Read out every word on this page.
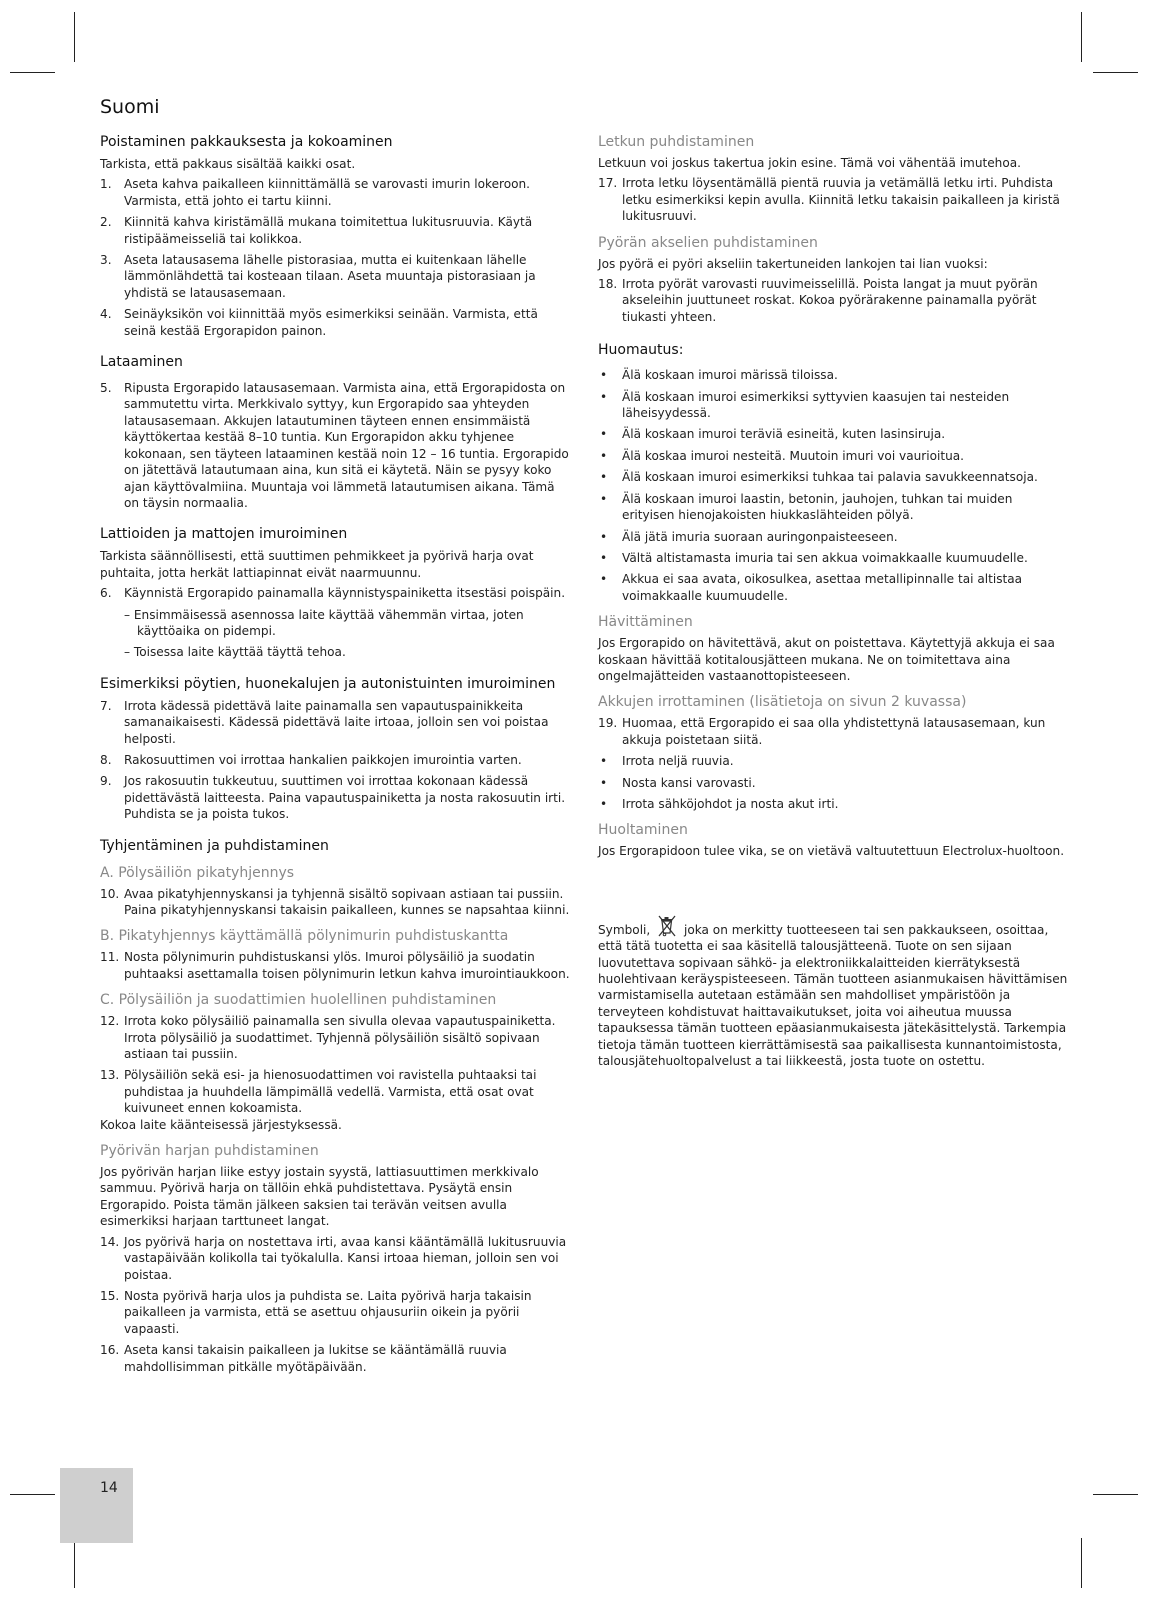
Suomi
Poistaminen pakkauksesta ja kokoaminen

Tarkista, että pakkaus sisältää kaikki osat.

1. Aseta kahva paikalleen kiinnittämällä se varovasti imurin lokeroon. Varmista, että johto ei tartu kiinni.
2. Kiinnitä kahva kiristämällä mukana toimitettua lukitusruuvia. Käytä ristipäämeisseliä tai kolikkoa.
3. Aseta latausasema lähelle pistorasiaa, mutta ei kuitenkaan lähelle lämmönlähdettä tai kosteaan tilaan. Aseta muuntaja pistorasiaan ja yhdistä se latausasemaan.
4. Seinäyksikön voi kiinnittää myös esimerkiksi seinään. Varmista, että seinä kestää Ergorapidon painon.
Lataaminen
5. Ripusta Ergorapido latausasemaan. Varmista aina, että Ergorapidosta on sammutettu virta. Merkkivalo syttyy, kun Ergorapido saa yhteyden latausasemaan. Akkujen latautuminen täyteen ennen ensimmäistä käyttökertaa kestää 8–10 tuntia. Kun Ergorapidon akku tyhjenee kokonaan, sen täyteen lataaminen kestää noin 12 – 16 tuntia. Ergorapido on jätettävä latautumaan aina, kun sitä ei käytetä. Näin se pysyy koko ajan käyttövalmiina. Muuntaja voi lämmetä latautumisen aikana. Tämä on täysin normaalia.
Lattioiden ja mattojen imuroiminen

Tarkista säännöllisesti, että suuttimen pehmikkeet ja pyörivä harja ovat puhtaita, jotta herkät lattiapinnat eivät naarmuunnu.

6. Käynnistä Ergorapido painamalla käynnistyspainiketta itsestäsi poispäin.
– Ensimmäisessä asennossa laite käyttää vähemmän virtaa, joten käyttöaika on pidempi.
– Toisessa laite käyttää täyttä tehoa.
Esimerkiksi pöytien, huonekalujen ja autonistuinten imuroiminen
7. Irrota kädessä pidettävä laite painamalla sen vapautuspainikkeita samanaikaisesti. Kädessä pidettävä laite irtoaa, jolloin sen voi poistaa helposti.
8. Rakosuuttimen voi irrottaa hankalien paikkojen imurointia varten.
9. Jos rakosuutin tukkeutuu, suuttimen voi irrottaa kokonaan kädessä pidettävästä laitteesta. Paina vapautuspainiketta ja nosta rakosuutin irti. Puhdista se ja poista tukos.
Tyhjentäminen ja puhdistaminen
A. Pölysäiliön pikatyhjennys
10. Avaa pikatyhjennyskansi ja tyhjennä sisältö sopivaan astiaan tai pussiin. Paina pikatyhjennyskansi takaisin paikalleen, kunnes se napsahtaa kiinni.
B. Pikatyhjennys käyttämällä pölynimurin puhdistuskantta
11. Nosta pölynimurin puhdistuskansi ylös. Imuroi pölysäiliö ja suodatin puhtaaksi asettamalla toisen pölynimurin letkun kahva imurointiaukkoon.
C. Pölysäiliön ja suodattimien huolellinen puhdistaminen
12. Irrota koko pölysäiliö painamalla sen sivulla olevaa vapautuspainiketta. Irrota pölysäiliö ja suodattimet. Tyhjennä pölysäiliön sisältö sopivaan astiaan tai pussiin.
13. Pölysäiliön sekä esi- ja hienosuodattimen voi ravistella puhtaaksi tai puhdistaa ja huuhdella lämpimällä vedellä. Varmista, että osat ovat kuivuneet ennen kokoamista.

Kokoa laite käänteisessä järjestyksessä.

Pyörivän harjan puhdistaminen

Jos pyörivän harjan liike estyy jostain syystä, lattiasuuttimen merkkivalo sammuu. Pyörivä harja on tällöin ehkä puhdistettava. Pysäytä ensin Ergorapido. Poista tämän jälkeen saksien tai terävän veitsen avulla esimerkiksi harjaan tarttuneet langat.

14. Jos pyörivä harja on nostettava irti, avaa kansi kääntämällä lukitusruuvia vastapäivään kolikolla tai työkalulla. Kansi irtoaa hieman, jolloin sen voi poistaa.
15. Nosta pyörivä harja ulos ja puhdista se. Laita pyörivä harja takaisin paikalleen ja varmista, että se asettuu ohjausuriin oikein ja pyörii vapaasti.
16. Aseta kansi takaisin paikalleen ja lukitse se kääntämällä ruuvia mahdollisimman pitkälle myötäpäivään.
Letkun puhdistaminen

Letkuun voi joskus takertua jokin esine. Tämä voi vähentää imutehoa.

17. Irrota letku löysentämällä pientä ruuvia ja vetämällä letku irti. Puhdista letku esimerkiksi kepin avulla. Kiinnitä letku takaisin paikalleen ja kiristä lukitusruuvi.
Pyörän akselien puhdistaminen

Jos pyörä ei pyöri akseliin takertuneiden lankojen tai lian vuoksi:

18. Irrota pyörät varovasti ruuvimeisselillä. Poista langat ja muut pyörän akseleihin juuttuneet roskat. Kokoa pyörärakenne painamalla pyörät tiukasti yhteen.
Huomautus:
• Älä koskaan imuroi märissä tiloissa.
• Älä koskaan imuroi esimerkiksi syttyvien kaasujen tai nesteiden läheisyydessä.
• Älä koskaan imuroi teräviä esineitä, kuten lasinsiruja.
• Älä koskaa imuroi nesteitä. Muutoin imuri voi vaurioitua.
• Älä koskaan imuroi esimerkiksi tuhkaa tai palavia savukkeennatsoja.
• Älä koskaan imuroi laastin, betonin, jauhojen, tuhkan tai muiden erityisen hienojakoisten hiukkaslähteiden pölyä.
• Älä jätä imuria suoraan auringonpaisteeseen.
• Vältä altistamasta imuria tai sen akkua voimakkaalle kuumuudelle.
• Akkua ei saa avata, oikosulkea, asettaa metallipinnalle tai altistaa voimakkaalle kuumuudelle.
Hävittäminen

Jos Ergorapido on hävitettävä, akut on poistettava. Käytettyjä akkuja ei saa koskaan hävittää kotitalousjätteen mukana. Ne on toimitettava aina ongelmajätteiden vastaanottopisteeseen.

Akkujen irrottaminen (lisätietoja on sivun 2 kuvassa)
19. Huomaa, että Ergorapido ei saa olla yhdistettynä latausasemaan, kun akkuja poistetaan siitä.
• Irrota neljä ruuvia.
• Nosta kansi varovasti.
• Irrota sähköjohdot ja nosta akut irti.
Huoltaminen

Jos Ergorapidoon tulee vika, se on vietävä valtuutettuun Electrolux-huoltoon.

Symboli,	joka on merkitty tuotteeseen tai sen pakkaukseen, osoittaa, että tätä tuotetta ei saa käsitellä talousjätteenä. Tuote on sen sijaan luovutettava sopivaan sähkö- ja elektroniikkalaitteiden kierrätyksestä huolehtivaan keräyspisteeseen. Tämän tuotteen asianmukaisen hävittämisen varmistamisella autetaan estämään sen mahdolliset ympäristöön ja terveyteen kohdistuvat haittavaikutukset, joita voi aiheutua muussa tapauksessa tämän tuotteen epäasianmukaisesta jätekäsittelystä. Tarkempia tietoja tämän tuotteen kierrättämisestä saa paikallisesta kunnantoimistosta, talousjätehuoltopalvelust a tai liikkeestä, josta tuote on ostettu.

14
